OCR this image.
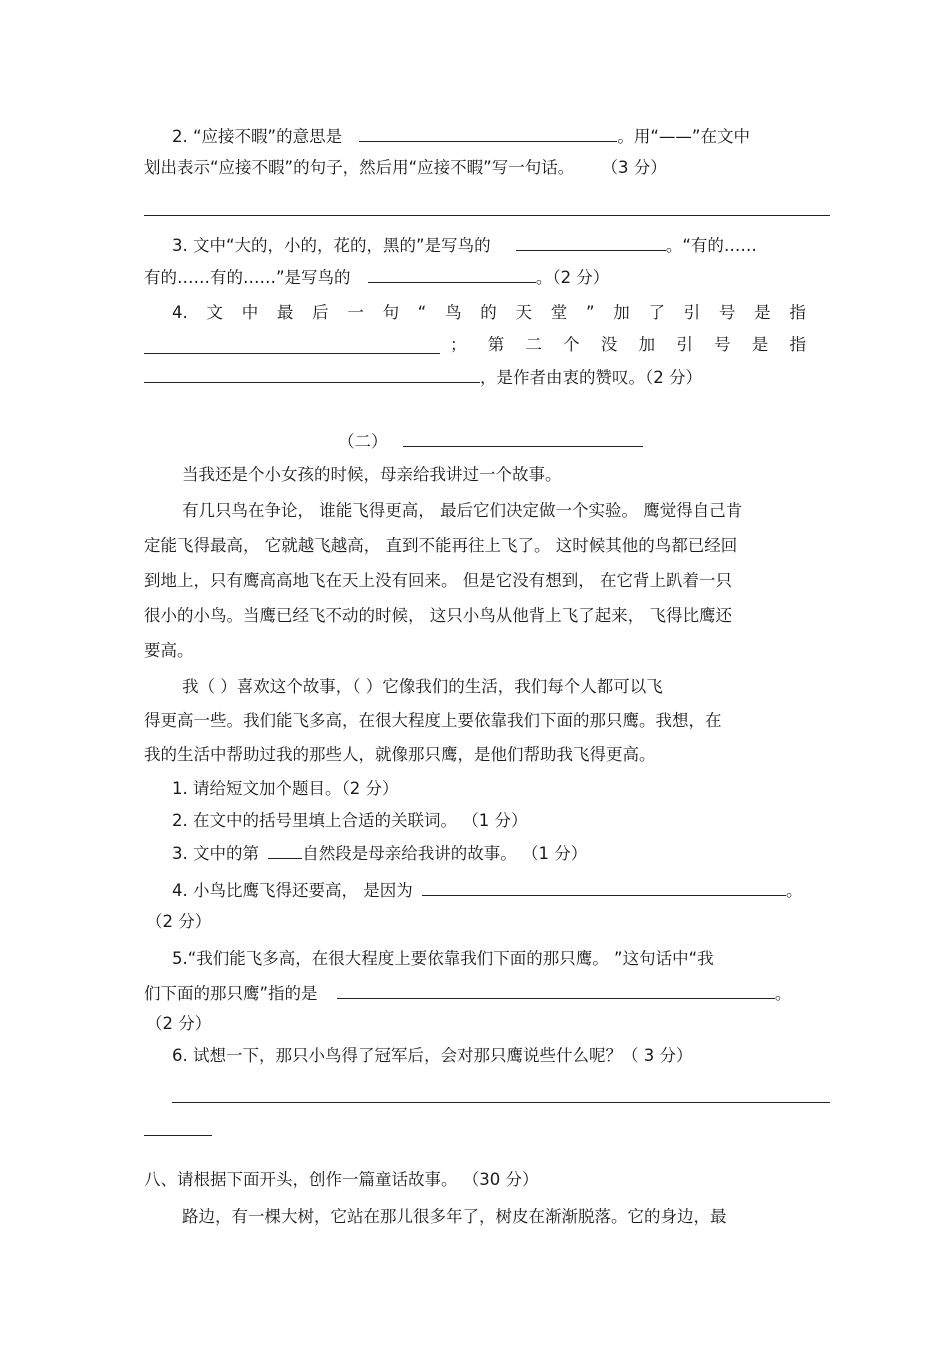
2. “应接不暇”的意思是	。用“——”在文中
划出表示“应接不暇”的句子，然后用“应接不暇”写一句话。 （3 分）
3. 文中“大的，小的，花的，黑的”是写鸟的	。“有的……
有的……有的……”是写鸟的	。（2 分）
4. 文 中 最 后 一 句 “ 鸟 的 天 堂 ” 加 了 引 号 是 指
； 第 二 个 没 加 引 号 是 指
，是作者由衷的赞叹。（2 分）
（二）
当我还是个小女孩的时候，母亲给我讲过一个故事。
有几只鸟在争论， 谁能飞得更高， 最后它们决定做一个实验。 鹰觉得自己肯
定能飞得最高， 它就越飞越高， 直到不能再往上飞了。 这时候其他的鸟都已经回
到地上，只有鹰高高地飞在天上没有回来。 但是它没有想到， 在它背上趴着一只
很小的小鸟。当鹰已经飞不动的时候， 这只小鸟从他背上飞了起来， 飞得比鹰还
要高。
我（ ）喜欢这个故事，（ ）它像我们的生活，我们每个人都可以飞
得更高一些。我们能飞多高，在很大程度上要依靠我们下面的那只鹰。我想，在
我的生活中帮助过我的那些人，就像那只鹰，是他们帮助我飞得更高。
1. 请给短文加个题目。（2 分）
2. 在文中的括号里填上合适的关联词。 （1 分）
3. 文中的第	自然段是母亲给我讲的故事。 （1 分）
4. 小鸟比鹰飞得还要高， 是因为	。
（2 分）
5.“我们能飞多高，在很大程度上要依靠我们下面的那只鹰。 ”这句话中“我
们下面的那只鹰”指的是	。
（2 分）
6. 试想一下，那只小鸟得了冠军后，会对那只鹰说些什么呢？（ 3 分）
八、请根据下面开头，创作一篇童话故事。 （30 分）
路边，有一棵大树，它站在那儿很多年了，树皮在渐渐脱落。它的身边，最
